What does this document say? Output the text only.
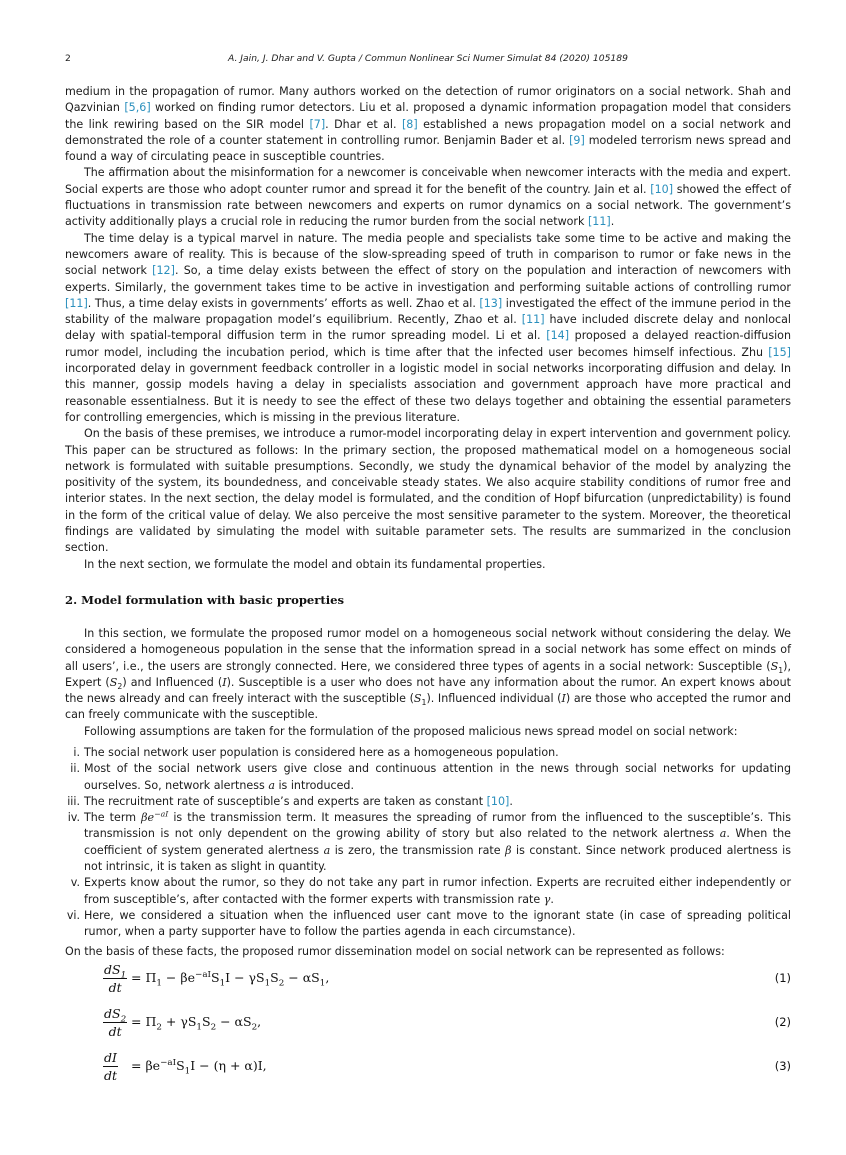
2	A. Jain, J. Dhar and V. Gupta / Commun Nonlinear Sci Numer Simulat 84 (2020) 105189

medium in the propagation of rumor. Many authors worked on the detection of rumor originators on a social network. Shah and Qazvinian [5,6] worked on finding rumor detectors. Liu et al. proposed a dynamic information propagation model that considers the link rewiring based on the SIR model [7]. Dhar et al. [8] established a news propagation model on a social network and demonstrated the role of a counter statement in controlling rumor. Benjamin Bader et al. [9] modeled terrorism news spread and found a way of circulating peace in susceptible countries.

The affirmation about the misinformation for a newcomer is conceivable when newcomer interacts with the media and expert. Social experts are those who adopt counter rumor and spread it for the benefit of the country. Jain et al. [10] showed the effect of fluctuations in transmission rate between newcomers and experts on rumor dynamics on a social network. The government’s activity additionally plays a crucial role in reducing the rumor burden from the social network [11].

The time delay is a typical marvel in nature. The media people and specialists take some time to be active and making the newcomers aware of reality. This is because of the slow-spreading speed of truth in comparison to rumor or fake news in the social network [12]. So, a time delay exists between the effect of story on the population and interaction of newcomers with experts. Similarly, the government takes time to be active in investigation and performing suitable actions of controlling rumor [11]. Thus, a time delay exists in governments’ efforts as well. Zhao et al. [13] investigated the effect of the immune period in the stability of the malware propagation model’s equilibrium. Recently, Zhao et al. [11] have included discrete delay and nonlocal delay with spatial-temporal diffusion term in the rumor spreading model. Li et al. [14] proposed a delayed reaction-diffusion rumor model, including the incubation period, which is time after that the infected user becomes himself infectious. Zhu [15] incorporated delay in government feedback controller in a logistic model in social networks incorporating diffusion and delay. In this manner, gossip models having a delay in specialists association and government approach have more practical and reasonable essentialness. But it is needy to see the effect of these two delays together and obtaining the essential parameters for controlling emergencies, which is missing in the previous literature.

On the basis of these premises, we introduce a rumor-model incorporating delay in expert intervention and government policy. This paper can be structured as follows: In the primary section, the proposed mathematical model on a homogeneous social network is formulated with suitable presumptions. Secondly, we study the dynamical behavior of the model by analyzing the positivity of the system, its boundedness, and conceivable steady states. We also acquire stability conditions of rumor free and interior states. In the next section, the delay model is formulated, and the condition of Hopf bifurcation (unpredictability) is found in the form of the critical value of delay. We also perceive the most sensitive parameter to the system. Moreover, the theoretical findings are validated by simulating the model with suitable parameter sets. The results are summarized in the conclusion section.

In the next section, we formulate the model and obtain its fundamental properties.

2. Model formulation with basic properties

In this section, we formulate the proposed rumor model on a homogeneous social network without considering the delay. We considered a homogeneous population in the sense that the information spread in a social network has some effect on minds of all users’, i.e., the users are strongly connected. Here, we considered three types of agents in a social network: Susceptible $(S_1)$, Expert $(S_2)$ and Influenced (I). Susceptible is a user who does not have any information about the rumor. An expert knows about the news already and can freely interact with the susceptible $(S_1)$. Influenced individual (I) are those who accepted the rumor and can freely communicate with the susceptible.

Following assumptions are taken for the formulation of the proposed malicious news spread model on social network:

i. The social network user population is considered here as a homogeneous population.
ii. Most of the social network users give close and continuous attention in the news through social networks for updating ourselves. So, network alertness a is introduced.
iii. The recruitment rate of susceptible’s and experts are taken as constant [10].
iv. The term $\beta e^{-aI}$ is the transmission term. It measures the spreading of rumor from the influenced to the susceptible’s. This transmission is not only dependent on the growing ability of story but also related to the network alertness a. When the coefficient of system generated alertness a is zero, the transmission rate β is constant. Since network produced alertness is not intrinsic, it is taken as slight in quantity.
v. Experts know about the rumor, so they do not take any part in rumor infection. Experts are recruited either independently or from susceptible’s, after contacted with the former experts with transmission rate γ.
vi. Here, we considered a situation when the influenced user cant move to the ignorant state (in case of spreading political rumor, when a party supporter have to follow the parties agenda in each circumstance).

On the basis of these facts, the proposed rumor dissemination model on social network can be represented as follows:

$\frac{dS_1}{dt} = \Pi_1 - \beta e^{-aI}S_1I - \gamma S_1S_2 - \alpha S_1$,	(1)
$\frac{dS_2}{dt} = \Pi_2 + \gamma S_1S_2 - \alpha S_2$,	(2)
$\frac{dI}{dt} = \beta e^{-aI}S_1I - (\eta + \alpha)I$,	(3)
